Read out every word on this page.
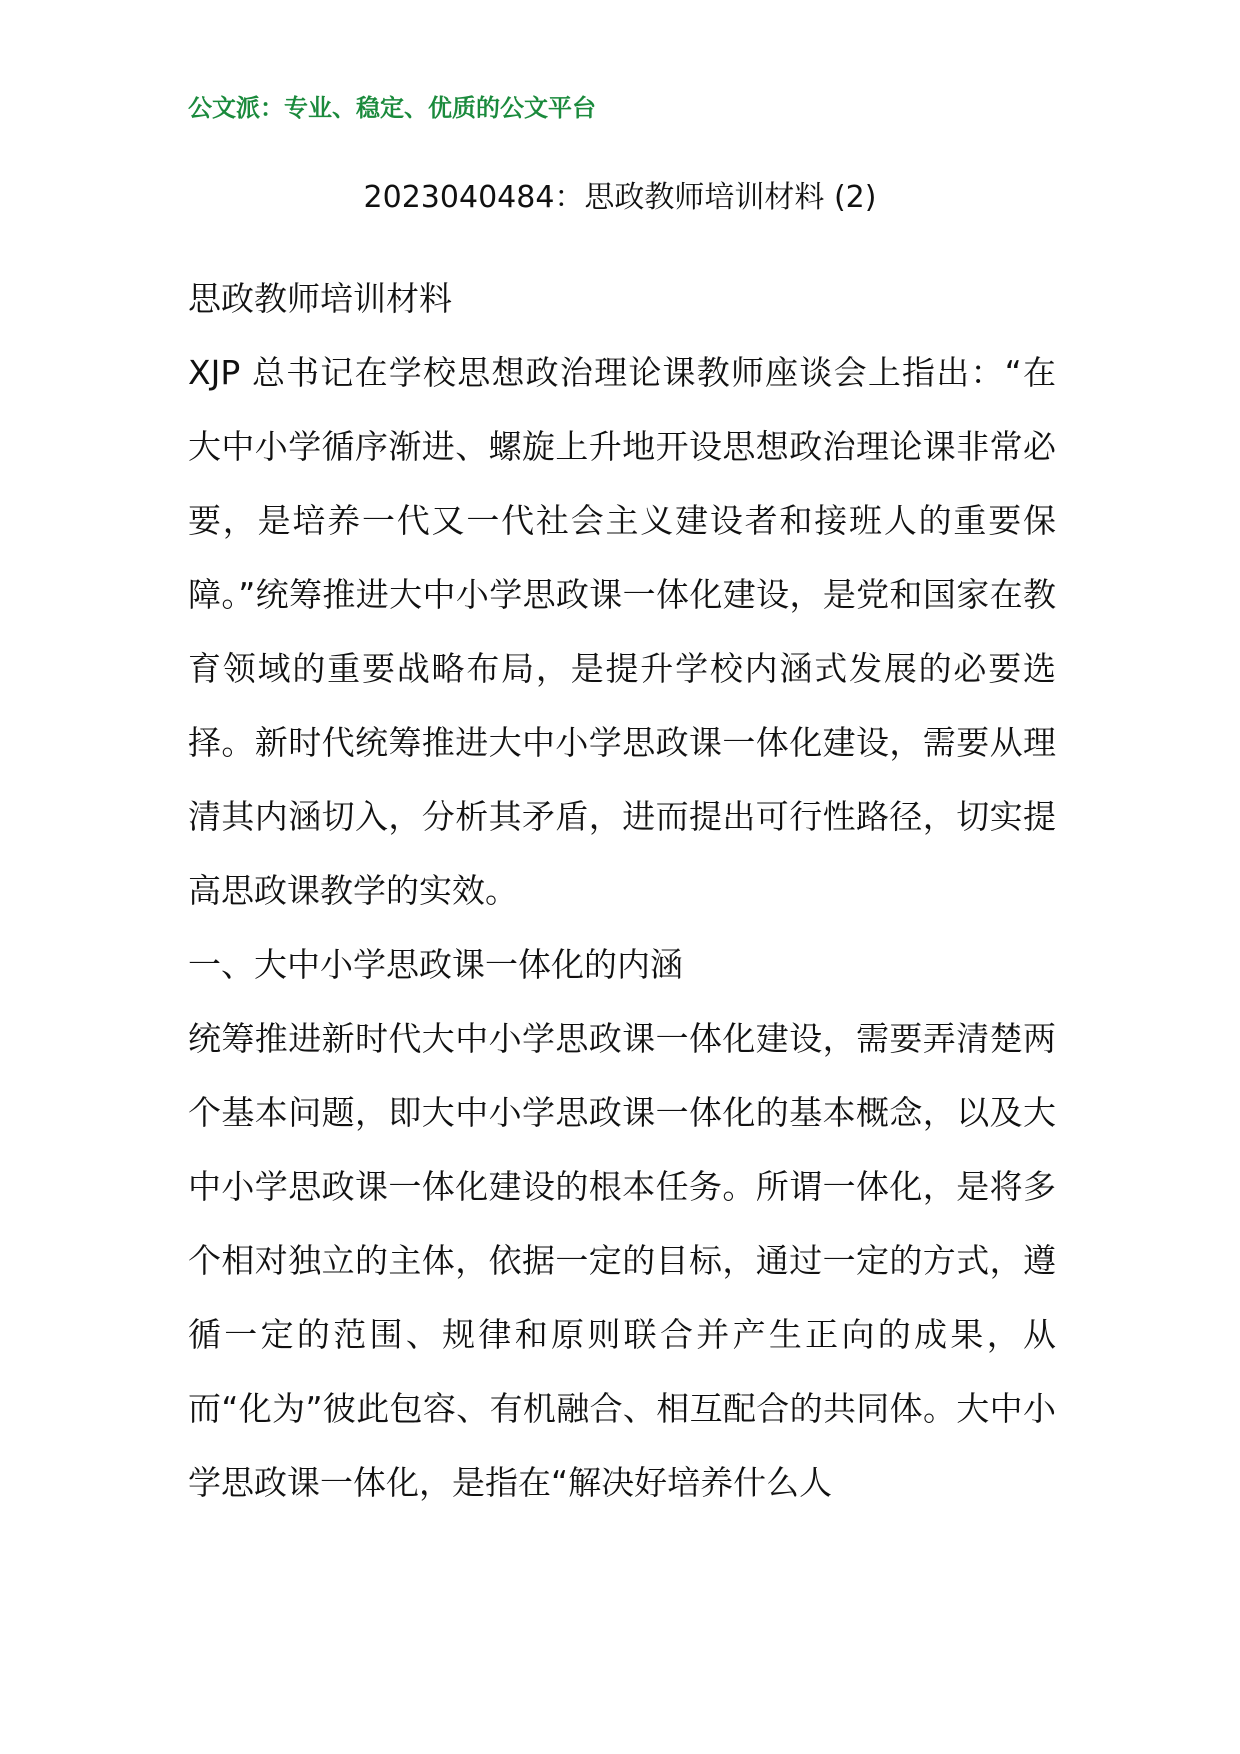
公文派：专业、稳定、优质的公文平台
2023040484：思政教师培训材料 (2)

思政教师培训材料

XJP 总书记在学校思想政治理论课教师座谈会上指出：“在大中小学循序渐进、螺旋上升地开设思想政治理论课非常必要，是培养一代又一代社会主义建设者和接班人的重要保障。”统筹推进大中小学思政课一体化建设，是党和国家在教育领域的重要战略布局，是提升学校内涵式发展的必要选择。新时代统筹推进大中小学思政课一体化建设，需要从理清其内涵切入，分析其矛盾，进而提出可行性路径，切实提高思政课教学的实效。

一、大中小学思政课一体化的内涵

统筹推进新时代大中小学思政课一体化建设，需要弄清楚两个基本问题，即大中小学思政课一体化的基本概念，以及大中小学思政课一体化建设的根本任务。所谓一体化，是将多个相对独立的主体，依据一定的目标，通过一定的方式，遵循一定的范围、规律和原则联合并产生正向的成果，从而“化为”彼此包容、有机融合、相互配合的共同体。大中小学思政课一体化，是指在“解决好培养什么人
